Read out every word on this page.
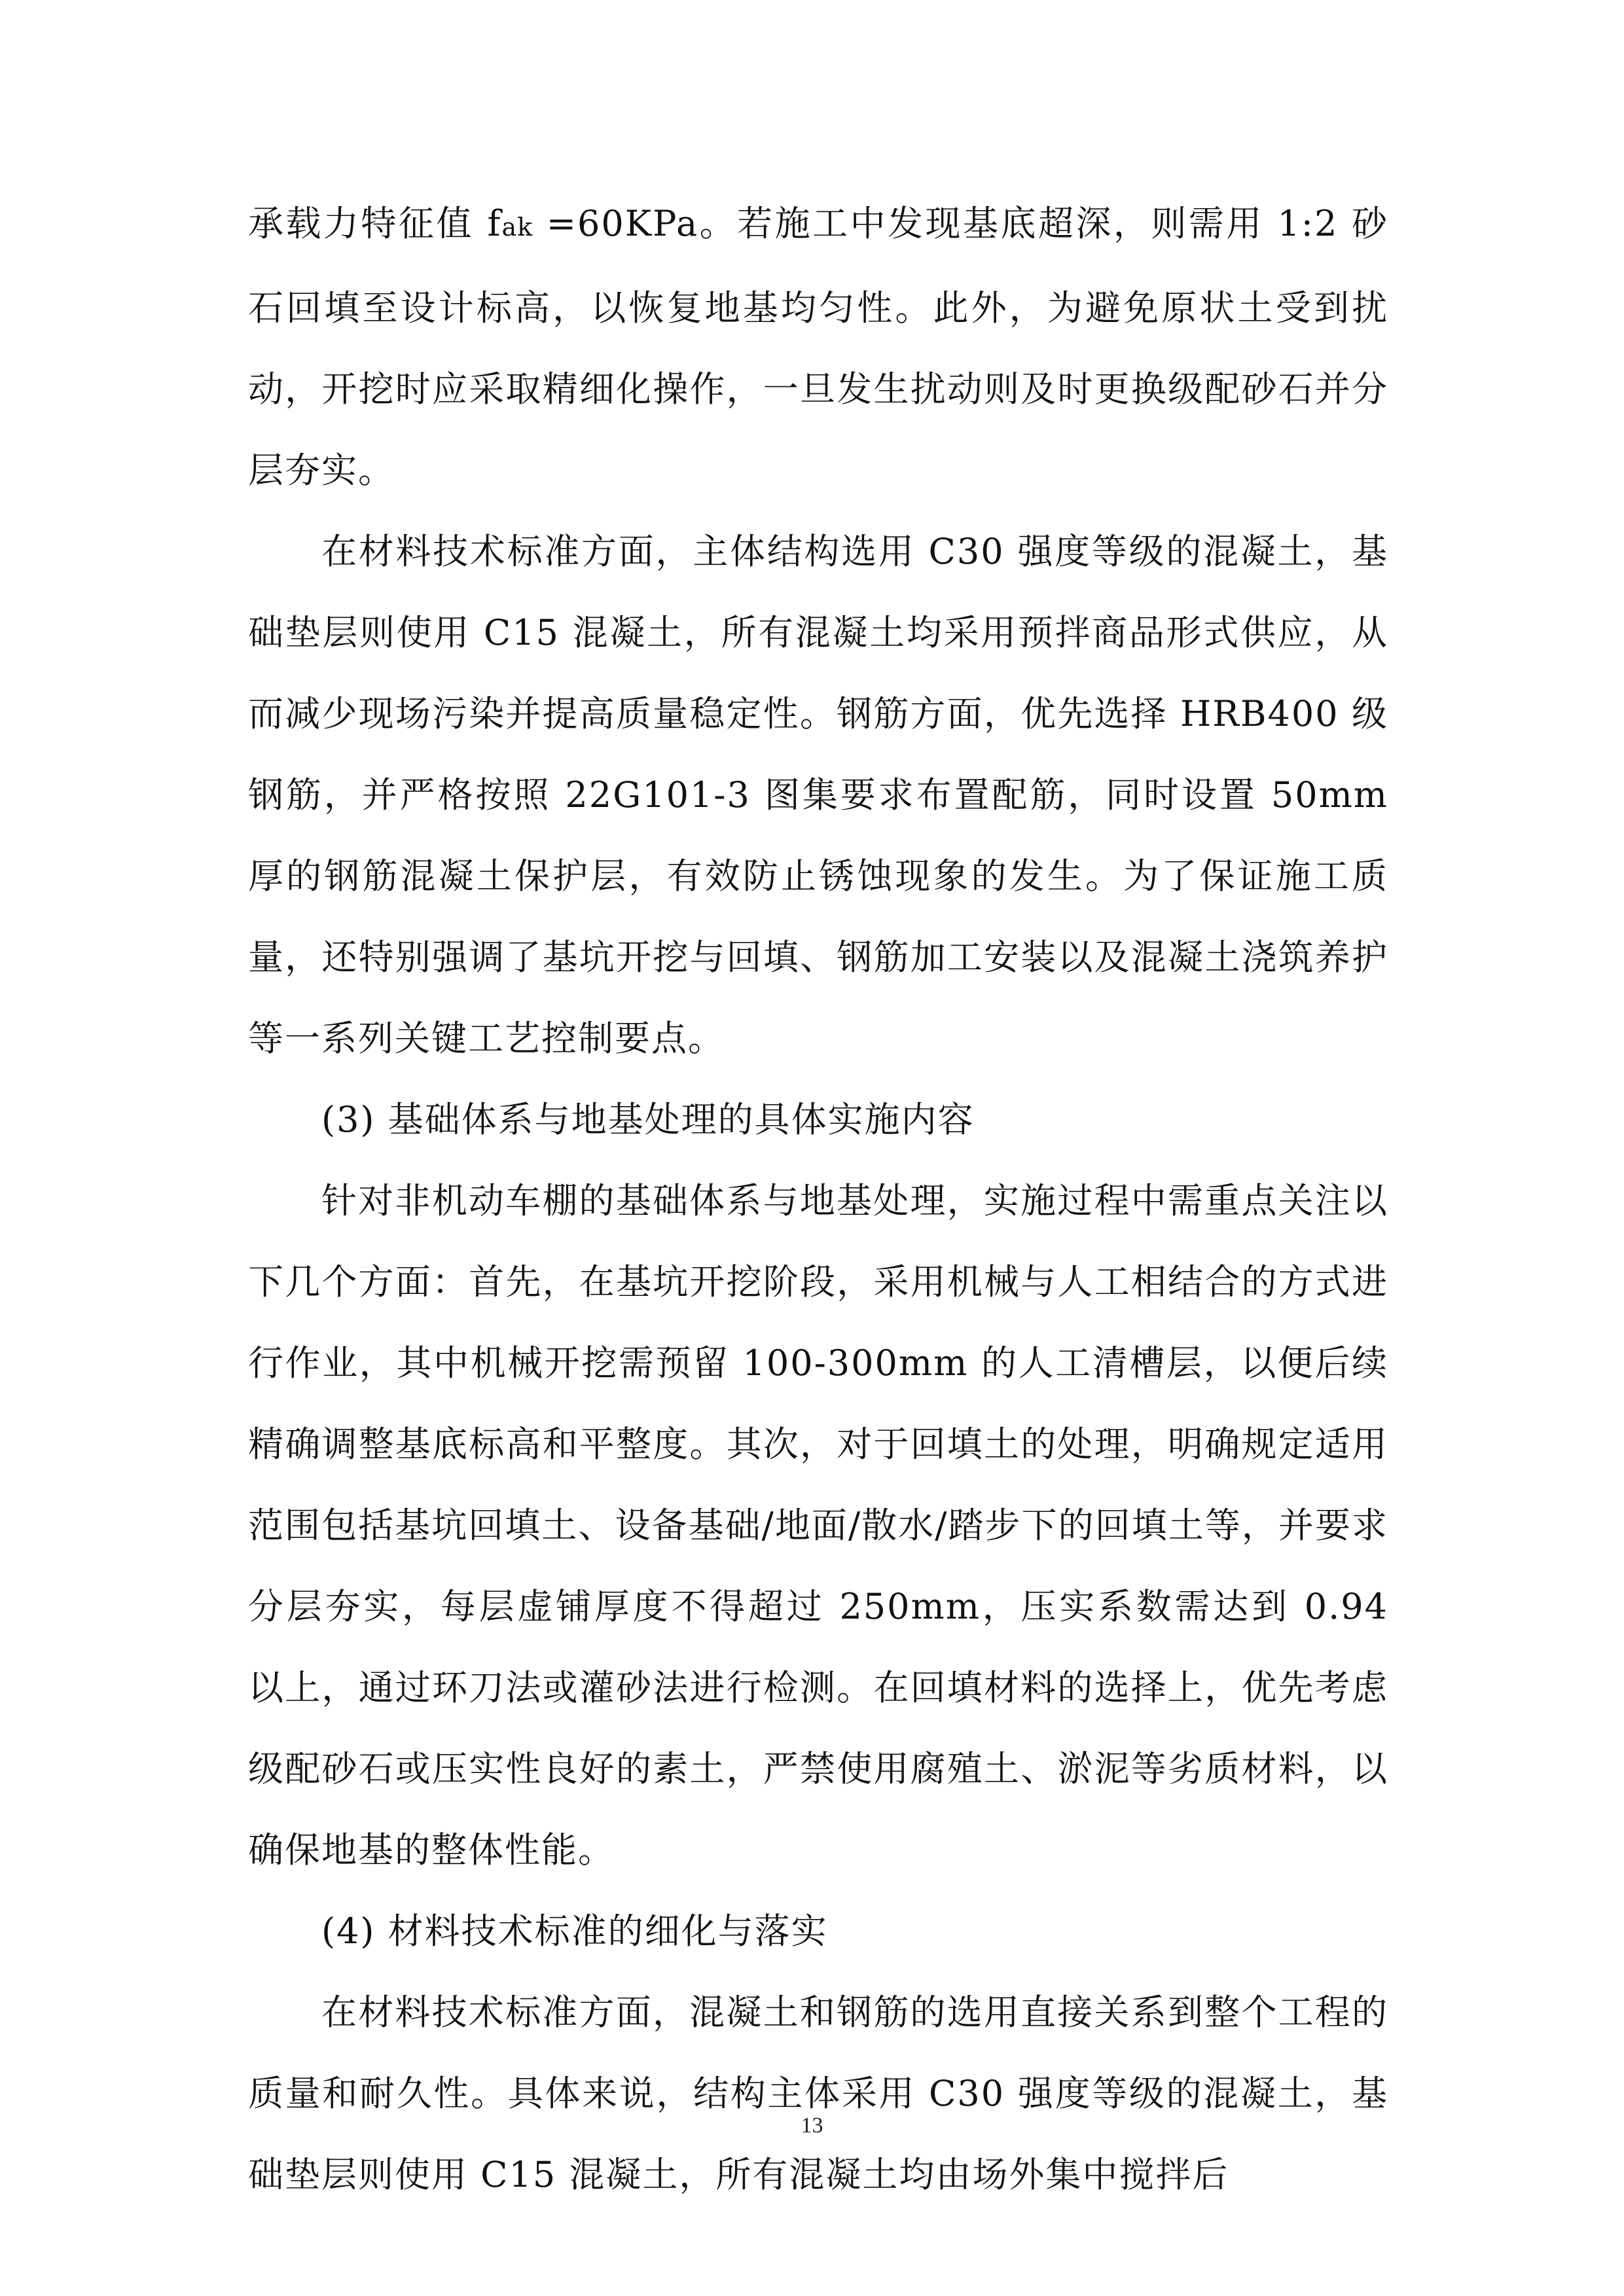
承载力特征值 fak =60KPa。若施工中发现基底超深，则需用 1:2 砂石回填至设计标高，以恢复地基均匀性。此外，为避免原状土受到扰动，开挖时应采取精细化操作，一旦发生扰动则及时更换级配砂石并分层夯实。

在材料技术标准方面，主体结构选用 C30 强度等级的混凝土，基础垫层则使用 C15 混凝土，所有混凝土均采用预拌商品形式供应，从而减少现场污染并提高质量稳定性。钢筋方面，优先选择 HRB400 级钢筋，并严格按照 22G101-3 图集要求布置配筋，同时设置 50mm 厚的钢筋混凝土保护层，有效防止锈蚀现象的发生。为了保证施工质量，还特别强调了基坑开挖与回填、钢筋加工安装以及混凝土浇筑养护等一系列关键工艺控制要点。

(3) 基础体系与地基处理的具体实施内容

针对非机动车棚的基础体系与地基处理，实施过程中需重点关注以下几个方面：首先，在基坑开挖阶段，采用机械与人工相结合的方式进行作业，其中机械开挖需预留 100-300mm 的人工清槽层，以便后续精确调整基底标高和平整度。其次，对于回填土的处理，明确规定适用范围包括基坑回填土、设备基础/地面/散水/踏步下的回填土等，并要求分层夯实，每层虚铺厚度不得超过 250mm，压实系数需达到 0.94 以上，通过环刀法或灌砂法进行检测。在回填材料的选择上，优先考虑级配砂石或压实性良好的素土，严禁使用腐殖土、淤泥等劣质材料，以确保地基的整体性能。

(4) 材料技术标准的细化与落实

在材料技术标准方面，混凝土和钢筋的选用直接关系到整个工程的质量和耐久性。具体来说，结构主体采用 C30 强度等级的混凝土，基础垫层则使用 C15 混凝土，所有混凝土均由场外集中搅拌后

13
